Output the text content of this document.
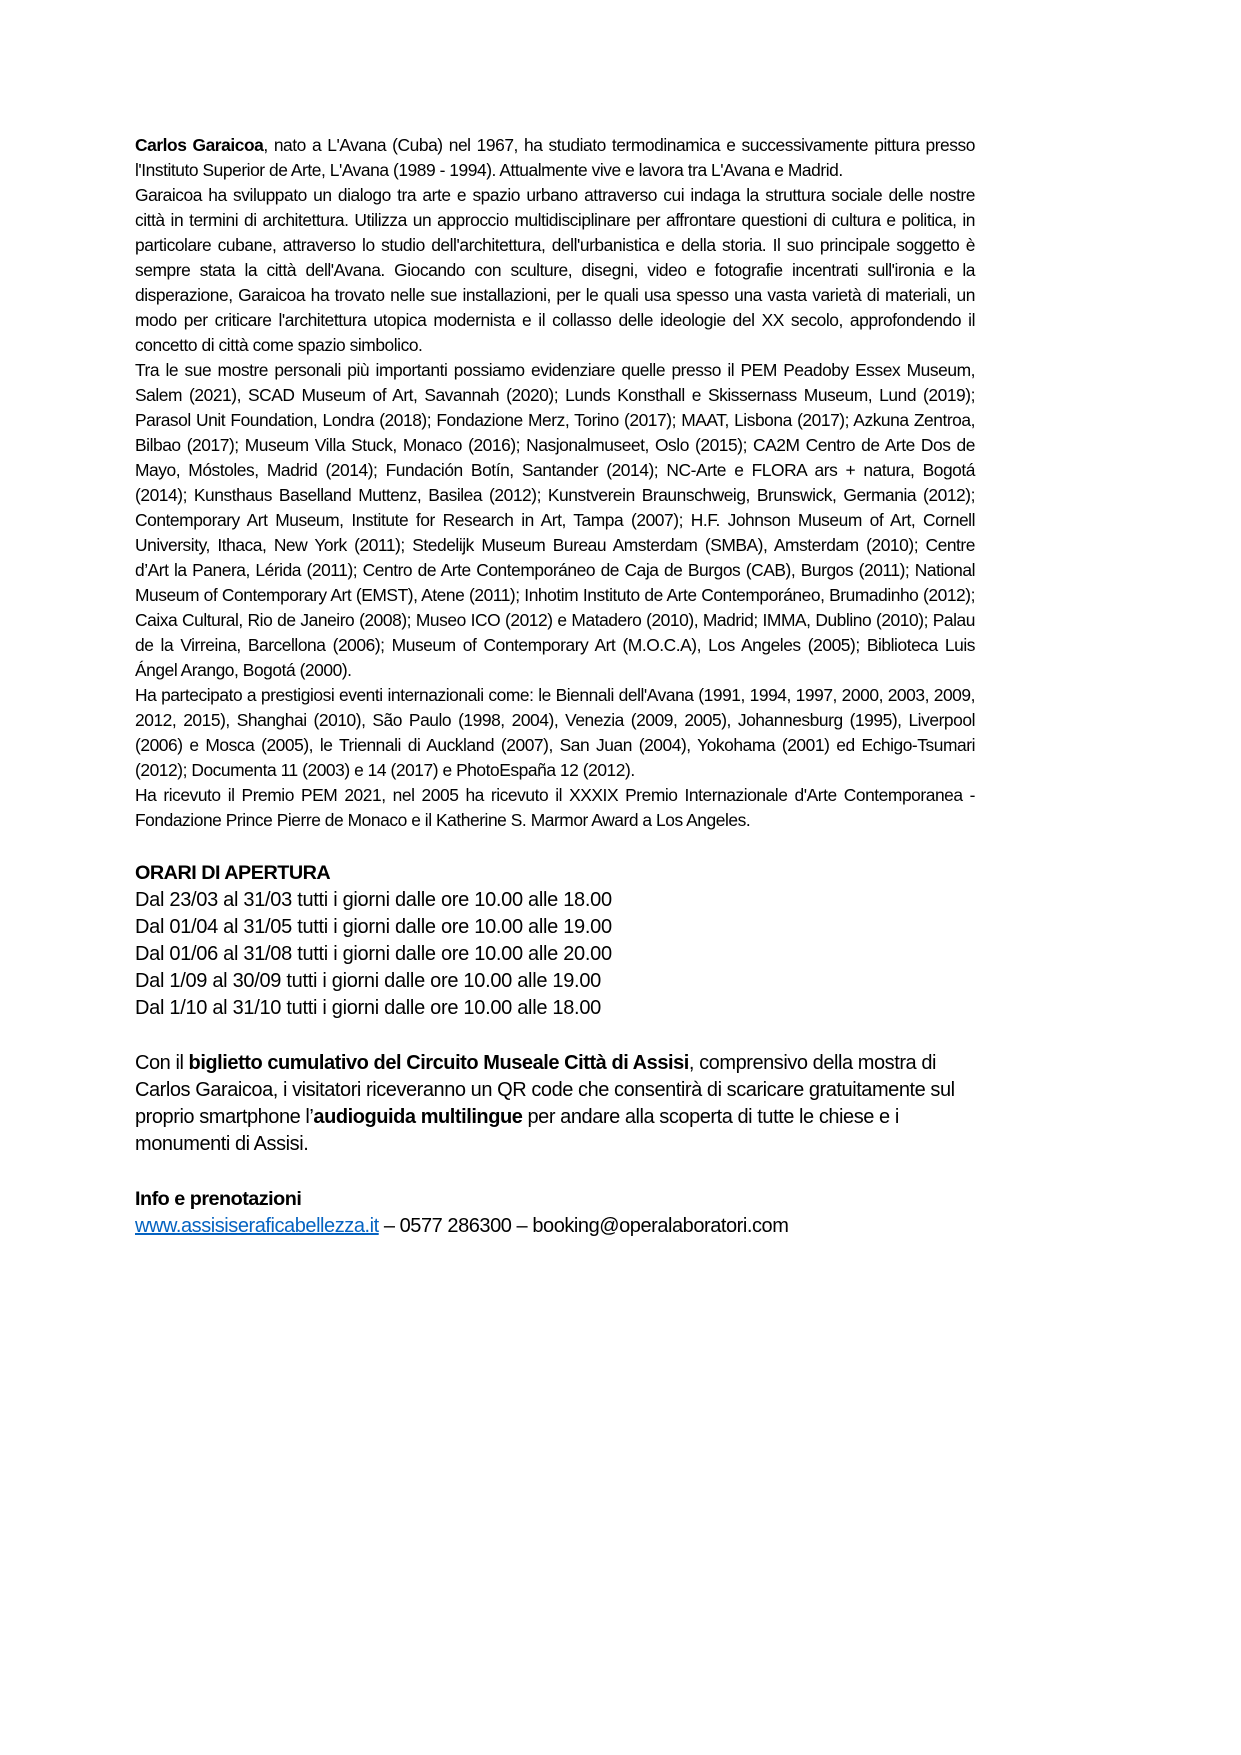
Carlos Garaicoa, nato a L'Avana (Cuba) nel 1967, ha studiato termodinamica e successivamente pittura presso l'Instituto Superior de Arte, L'Avana (1989 - 1994). Attualmente vive e lavora tra L'Avana e Madrid.

Garaicoa ha sviluppato un dialogo tra arte e spazio urbano attraverso cui indaga la struttura sociale delle nostre città in termini di architettura. Utilizza un approccio multidisciplinare per affrontare questioni di cultura e politica, in particolare cubane, attraverso lo studio dell'architettura, dell'urbanistica e della storia. Il suo principale soggetto è sempre stata la città dell'Avana. Giocando con sculture, disegni, video e fotografie incentrati sull'ironia e la disperazione, Garaicoa ha trovato nelle sue installazioni, per le quali usa spesso una vasta varietà di materiali, un modo per criticare l'architettura utopica modernista e il collasso delle ideologie del XX secolo, approfondendo il concetto di città come spazio simbolico.

Tra le sue mostre personali più importanti possiamo evidenziare quelle presso il PEM Peadoby Essex Museum, Salem (2021), SCAD Museum of Art, Savannah (2020); Lunds Konsthall e Skissernass Museum, Lund (2019); Parasol Unit Foundation, Londra (2018); Fondazione Merz, Torino (2017); MAAT, Lisbona (2017); Azkuna Zentroa, Bilbao (2017); Museum Villa Stuck, Monaco (2016); Nasjonalmuseet, Oslo (2015); CA2M Centro de Arte Dos de Mayo, Móstoles, Madrid (2014); Fundación Botín, Santander (2014); NC-Arte e FLORA ars + natura, Bogotá (2014); Kunsthaus Baselland Muttenz, Basilea (2012); Kunstverein Braunschweig, Brunswick, Germania (2012); Contemporary Art Museum, Institute for Research in Art, Tampa (2007); H.F. Johnson Museum of Art, Cornell University, Ithaca, New York (2011); Stedelijk Museum Bureau Amsterdam (SMBA), Amsterdam (2010); Centre d’Art la Panera, Lérida (2011); Centro de Arte Contemporáneo de Caja de Burgos (CAB), Burgos (2011); National Museum of Contemporary Art (EMST), Atene (2011); Inhotim Instituto de Arte Contemporáneo, Brumadinho (2012); Caixa Cultural, Rio de Janeiro (2008); Museo ICO (2012) e Matadero (2010), Madrid; IMMA, Dublino (2010); Palau de la Virreina, Barcellona (2006); Museum of Contemporary Art (M.O.C.A), Los Angeles (2005); Biblioteca Luis Ángel Arango, Bogotá (2000).

Ha partecipato a prestigiosi eventi internazionali come: le Biennali dell'Avana (1991, 1994, 1997, 2000, 2003, 2009, 2012, 2015), Shanghai (2010), São Paulo (1998, 2004), Venezia (2009, 2005), Johannesburg (1995), Liverpool (2006) e Mosca (2005), le Triennali di Auckland (2007), San Juan (2004), Yokohama (2001) ed Echigo-Tsumari (2012); Documenta 11 (2003) e 14 (2017) e PhotoEspaña 12 (2012).

Ha ricevuto il Premio PEM 2021, nel 2005 ha ricevuto il XXXIX Premio Internazionale d'Arte Contemporanea - Fondazione Prince Pierre de Monaco e il Katherine S. Marmor Award a Los Angeles.

ORARI DI APERTURA
Dal 23/03 al 31/03 tutti i giorni dalle ore 10.00 alle 18.00
Dal 01/04 al 31/05 tutti i giorni dalle ore 10.00 alle 19.00
Dal 01/06 al 31/08 tutti i giorni dalle ore 10.00 alle 20.00
Dal 1/09 al 30/09 tutti i giorni dalle ore 10.00 alle 19.00
Dal 1/10 al 31/10 tutti i giorni dalle ore 10.00 alle 18.00
Con il biglietto cumulativo del Circuito Museale Città di Assisi, comprensivo della mostra di Carlos Garaicoa, i visitatori riceveranno un QR code che consentirà di scaricare gratuitamente sul proprio smartphone l’audioguida multilingue per andare alla scoperta di tutte le chiese e i monumenti di Assisi.
Info e prenotazioni
www.assisiseraficabellezza.it – 0577 286300 – booking@operalaboratori.com
